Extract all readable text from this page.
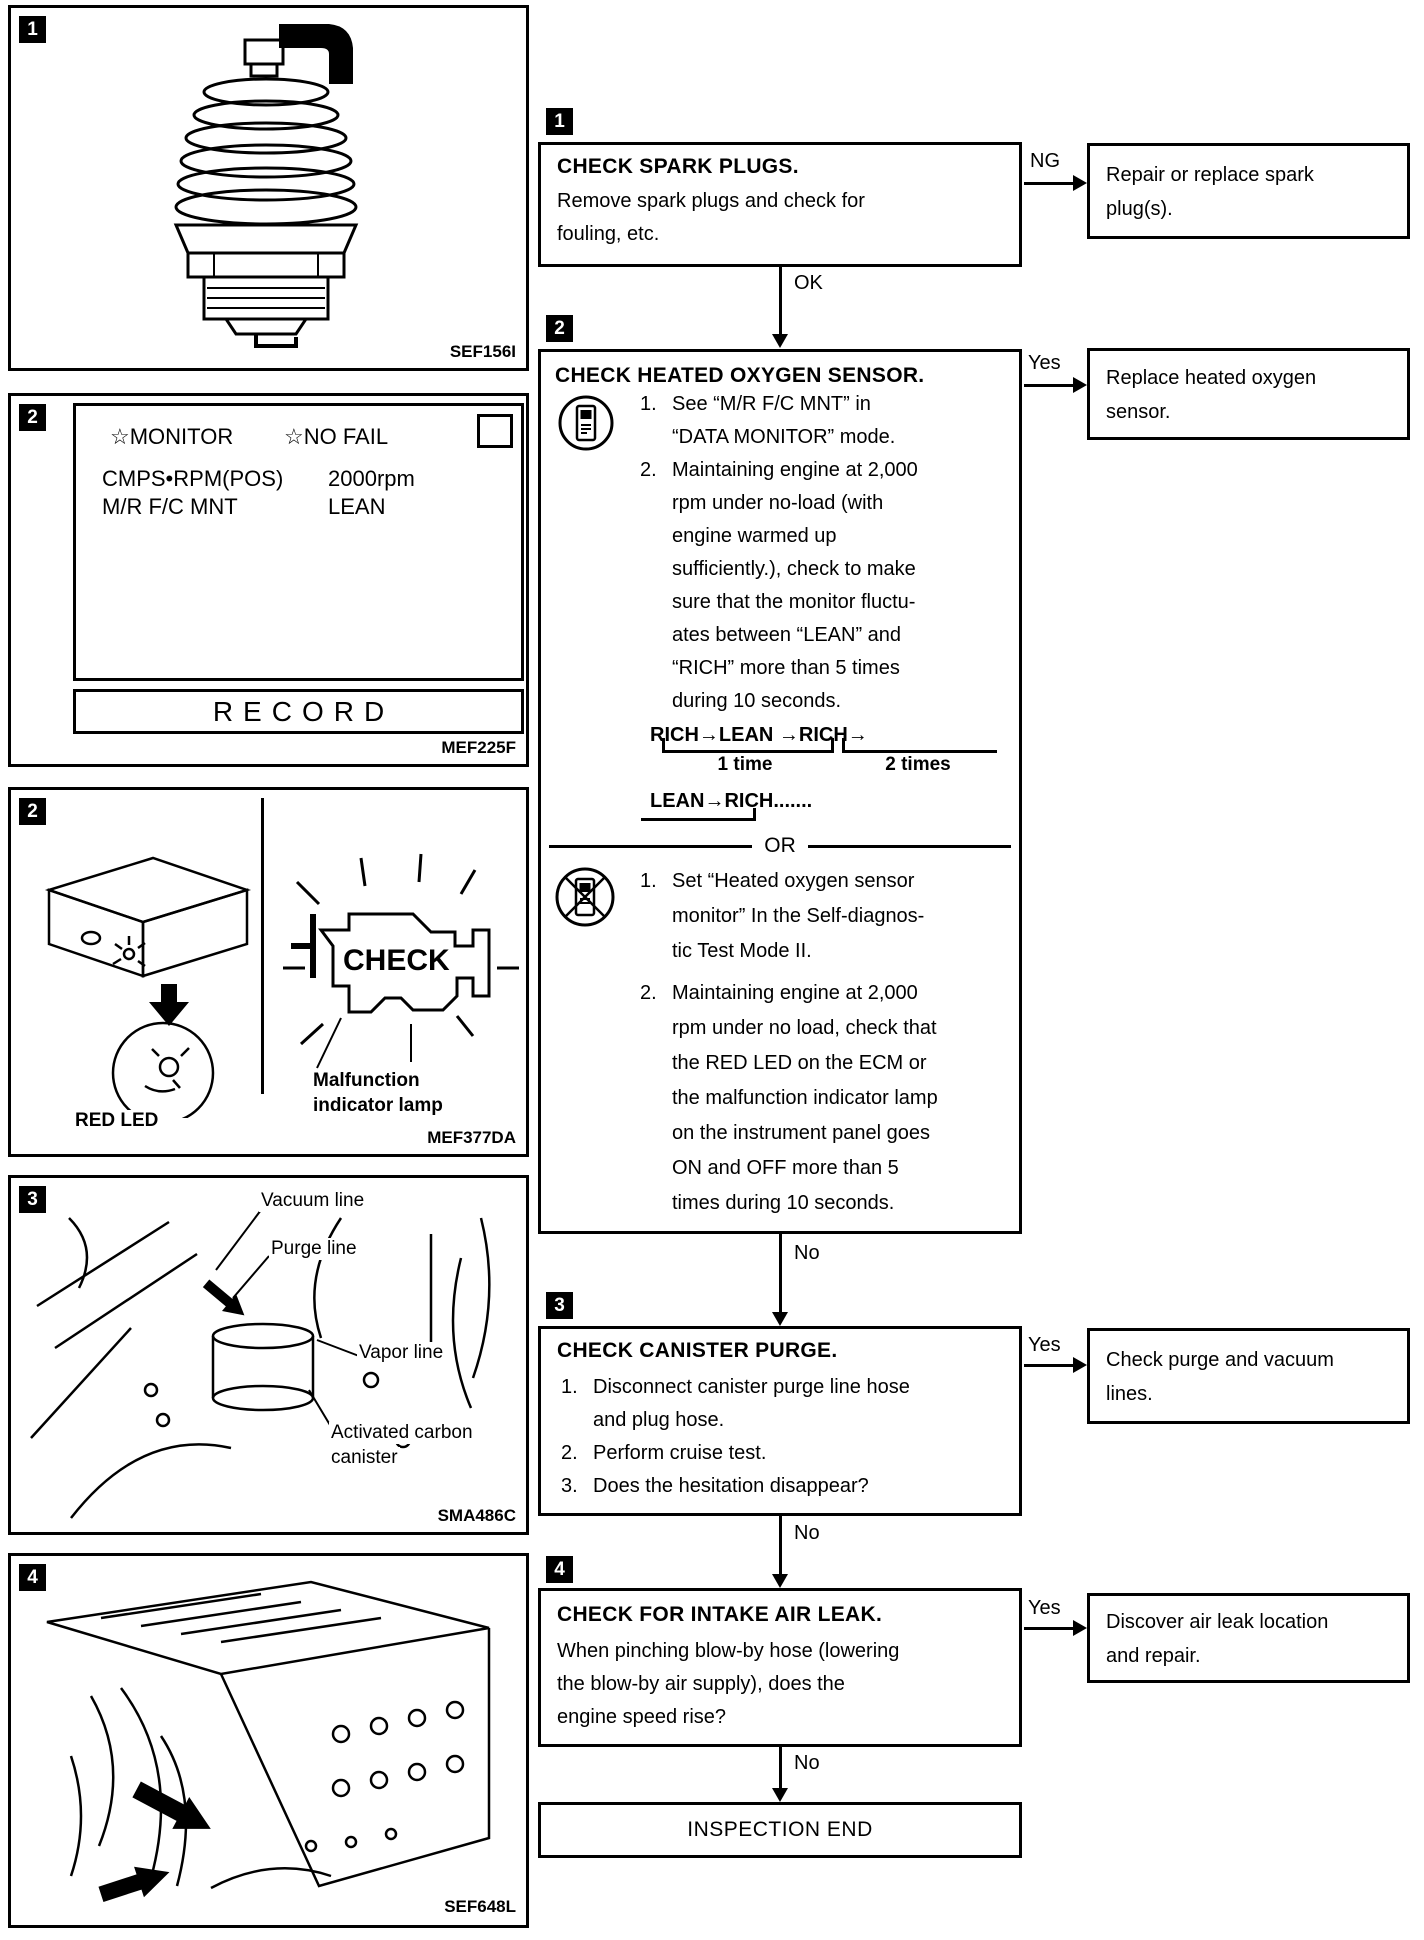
1
SEF156I
2
☆MONITOR ☆NO FAIL
CMPS•RPM(POS) 2000rpm
M/R F/C MNT	LEAN
RECORD
MEF225F
2
RED LED
CHECK
Malfunction
indicator lamp
MEF377DA
3	Vacuum line
Purge line
Vapor line
Activated carbon
canister
SMA486C
4
SEF648L
1
CHECK SPARK PLUGS.
Remove spark plugs and check for
fouling, etc.
NG
Repair or replace spark
plug(s).
OK
2
CHECK HEATED OXYGEN SENSOR.
1. See “M/R F/C MNT” in
“DATA MONITOR” mode.
2. Maintaining engine at 2,000
rpm under no-load (with
engine warmed up
sufficiently.), check to make
sure that the monitor fluctu-
ates between “LEAN” and
“RICH” more than 5 times
during 10 seconds.
RICH→LEAN →RICH→
1 time	2 times
LEAN→RICH.......
OR
1. Set “Heated oxygen sensor
monitor” In the Self-diagnos-
tic Test Mode II.
2. Maintaining engine at 2,000
rpm under no load, check that
the RED LED on the ECM or
the malfunction indicator lamp
on the instrument panel goes
ON and OFF more than 5
times during 10 seconds.
Yes
Replace heated oxygen
sensor.
No
3
CHECK CANISTER PURGE.
1. Disconnect canister purge line hose
and plug hose.
2. Perform cruise test.
3. Does the hesitation disappear?
Yes
Check purge and vacuum
lines.
No
4
CHECK FOR INTAKE AIR LEAK.
When pinching blow-by hose (lowering
the blow-by air supply), does the
engine speed rise?
Yes
Discover air leak location
and repair.
No
INSPECTION END
